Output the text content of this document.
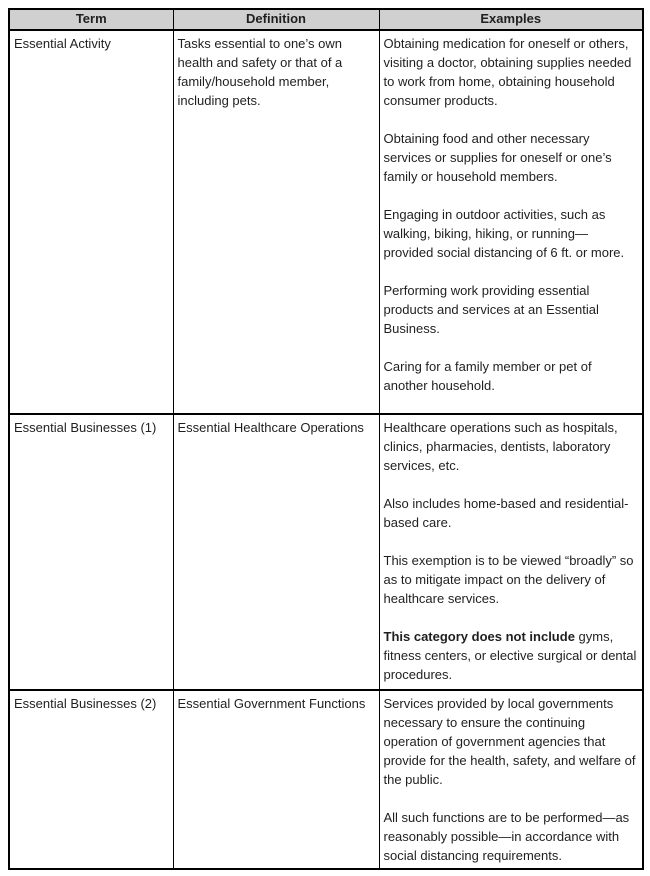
Term	Definition	Examples
Essential Activity	Tasks essential to one’s own health and safety or that of a family/household member, including pets.	Obtaining medication for oneself or others, visiting a doctor, obtaining supplies needed to work from home, obtaining household consumer products.

Obtaining food and other necessary services or supplies for oneself or one’s family or household members.

Engaging in outdoor activities, such as walking, biking, hiking, or running—provided social distancing of 6 ft. or more.

Performing work providing essential products and services at an Essential Business.

Caring for a family member or pet of another household.

Essential Businesses (1)	Essential Healthcare Operations	Healthcare operations such as hospitals, clinics, pharmacies, dentists, laboratory services, etc.

Also includes home-based and residential-based care.

This exemption is to be viewed “broadly” so as to mitigate impact on the delivery of healthcare services.

This category does not include gyms, fitness centers, or elective surgical or dental procedures.

Essential Businesses (2)	Essential Government Functions	Services provided by local governments necessary to ensure the continuing operation of government agencies that provide for the health, safety, and welfare of the public.

All such functions are to be performed—as reasonably possible—in accordance with social distancing requirements.
